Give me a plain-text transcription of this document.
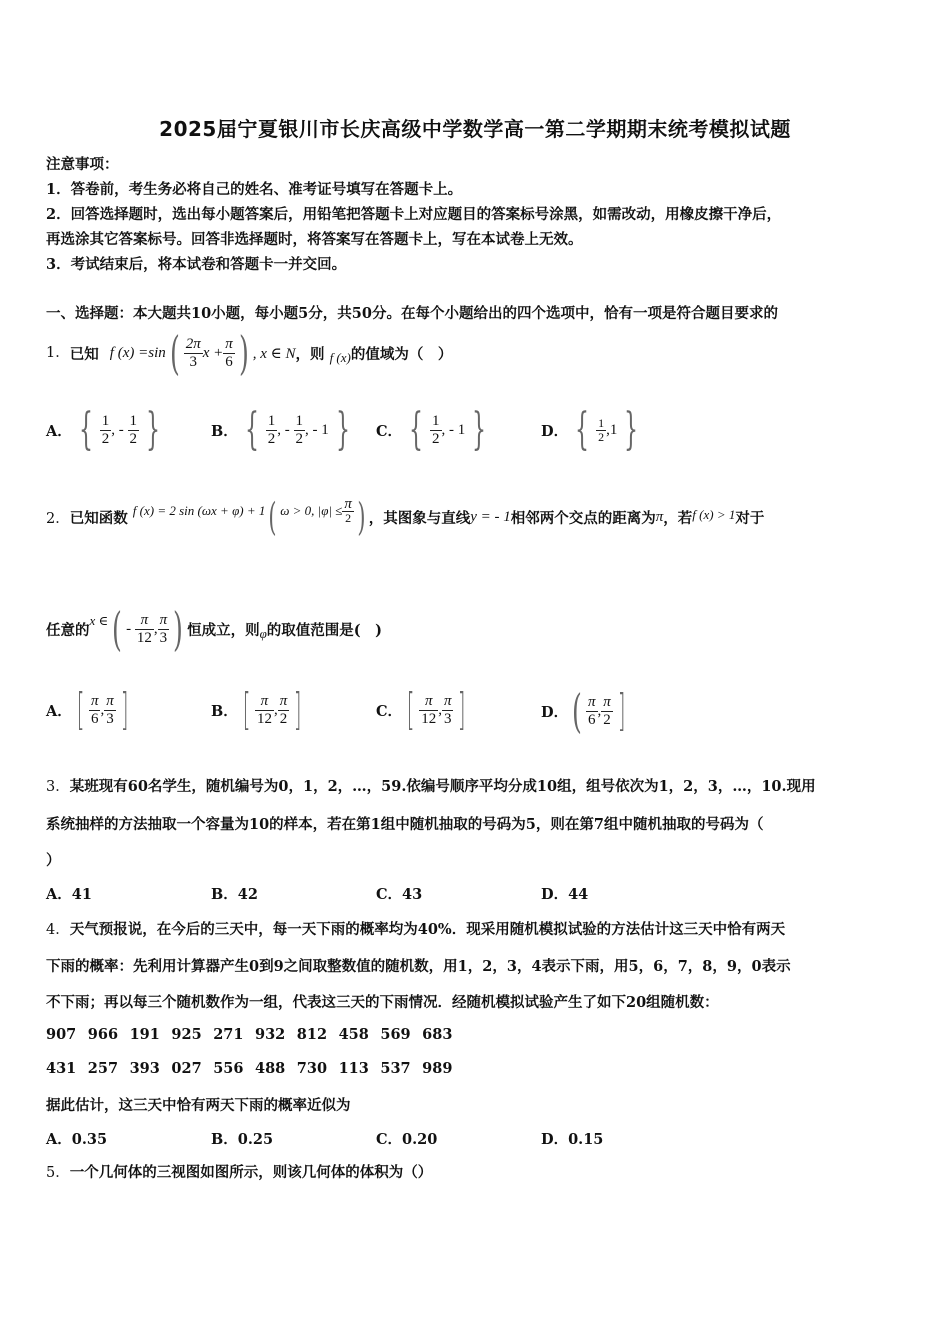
2025届宁夏银川市长庆高级中学数学高一第二学期期末统考模拟试题
注意事项：
1．答卷前，考生务必将自己的姓名、准考证号填写在答题卡上。
2．回答选择题时，选出每小题答案后，用铅笔把答题卡上对应题目的答案标号涂黑，如需改动，用橡皮擦干净后，
再选涂其它答案标号。回答非选择题时，将答案写在答题卡上，写在本试卷上无效。
3．考试结束后，将本试卷和答题卡一并交回。
一、选择题：本大题共10小题，每小题5分，共50分。在每个小题给出的四个选项中，恰有一项是符合题目要求的
1．已知 f $(x) =\sin( \frac{2\pi}{3}$ $x + \frac{\pi}{6}$ ) , x ∈ N，则 f (x)的值域为（　）
A． { $\frac{1}{2}$ , - $\frac{1}{2}$ }	B． { $\frac{1}{2}$ , - $\frac{1}{2}$ , - 1 }	C． { $\frac{1}{2}$ , - 1 }	D． { $\frac{1}{2} ,1$ }
2．已知函数 f (x) = 2 sin (ωx + φ) + 1( ω > 0, $|\varphi| \le \frac{\pi}{2}$ ) ，其图象与直线y = - 1相邻两个交点的距离为π，若f (x) > 1对于
任意的x ∈( - $\frac{\pi}{12}$ , $\frac{\pi}{3}$ ) 恒成立，则φ的取值范围是(　)
A． [ $\frac{\pi}{6}$ , $\frac{\pi}{3}$ ]	B． [ $\frac{\pi}{12}$ , $\frac{\pi}{2}$ ]	C． [ $\frac{\pi}{12}$ , $\frac{\pi}{3}$ ]	D．( $\frac{\pi}{6}$ , $\frac{\pi}{2}$ ]
3．某班现有60名学生，随机编号为0，1，2，…，59.依编号顺序平均分成10组，组号依次为1，2，3，…，10.现用
系统抽样的方法抽取一个容量为10的样本，若在第1组中随机抽取的号码为5，则在第7组中随机抽取的号码为（
）
A．41	B．42	C．43	D．44
4．天气预报说，在今后的三天中，每一天下雨的概率均为40%．现采用随机模拟试验的方法估计这三天中恰有两天
下雨的概率：先利用计算器产生0到9之间取整数值的随机数，用1，2，3，4表示下雨，用5，6，7，8，9，0表示
不下雨；再以每三个随机数作为一组，代表这三天的下雨情况．经随机模拟试验产生了如下20组随机数：
907 966 191 925 271 932 812 458 569 683
431 257 393 027 556 488 730 113 537 989
据此估计，这三天中恰有两天下雨的概率近似为
A．0.35	B．0.25	C．0.20	D．0.15
5．一个几何体的三视图如图所示，则该几何体的体积为（）
